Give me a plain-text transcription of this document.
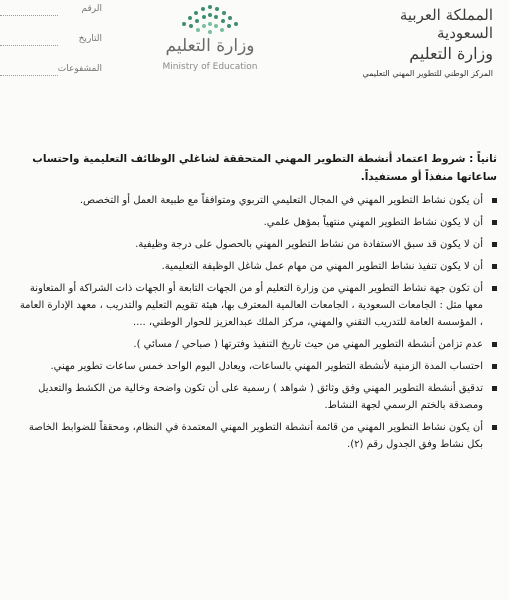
المملكة العربية السعودية
وزارة التعليم
المركز الوطني للتطوير المهني التعليمي
وزارة التعليم
Ministry of Education
الرقم
التاريخ
المشفوعات
ثانياً : شروط اعتماد أنشطة التطوير المهني المتحققة لشاغلي الوظائف التعليمية واحتساب ساعاتها منفذاً أو مستفيداً.
أن يكون نشاط التطوير المهني في المجال التعليمي التربوي ومتوافقاً مع طبيعة العمل أو التخصص.
أن لا يكون نشاط التطوير المهني منتهياً بمؤهل علمي.
أن لا يكون قد سبق الاستفادة من نشاط التطوير المهني بالحصول على درجة وظيفية.
أن لا يكون تنفيذ نشاط التطوير المهني من مهام عمل شاغل الوظيفة التعليمية.
أن تكون جهة نشاط التطوير المهني من وزارة التعليم أو من الجهات التابعة أو الجهات ذات الشراكة أو المتعاونة معها مثل : الجامعات السعودية ، الجامعات العالمية المعترف بها، هيئة تقويم التعليم والتدريب ، معهد الإدارة العامة ، المؤسسة العامة للتدريب التقني والمهني، مركز الملك عبدالعزيز للحوار الوطني، ....
عدم تزامن أنشطة التطوير المهني من حيث تاريخ التنفيذ وفترتها ( صباحي / مسائي ).
احتساب المدة الزمنية لأنشطة التطوير المهني بالساعات، ويعادل اليوم الواحد خمس ساعات تطوير مهني.
تدقيق أنشطة التطوير المهني وفق وثائق ( شواهد ) رسمية على أن تكون واضحة وخالية من الكشط والتعديل ومصدقة بالختم الرسمي لجهة النشاط.
أن يكون نشاط التطوير المهني من قائمة أنشطة التطوير المهني المعتمدة في النظام، ومحققاً للضوابط الخاصة بكل نشاط وفق الجدول رقم (٢).
